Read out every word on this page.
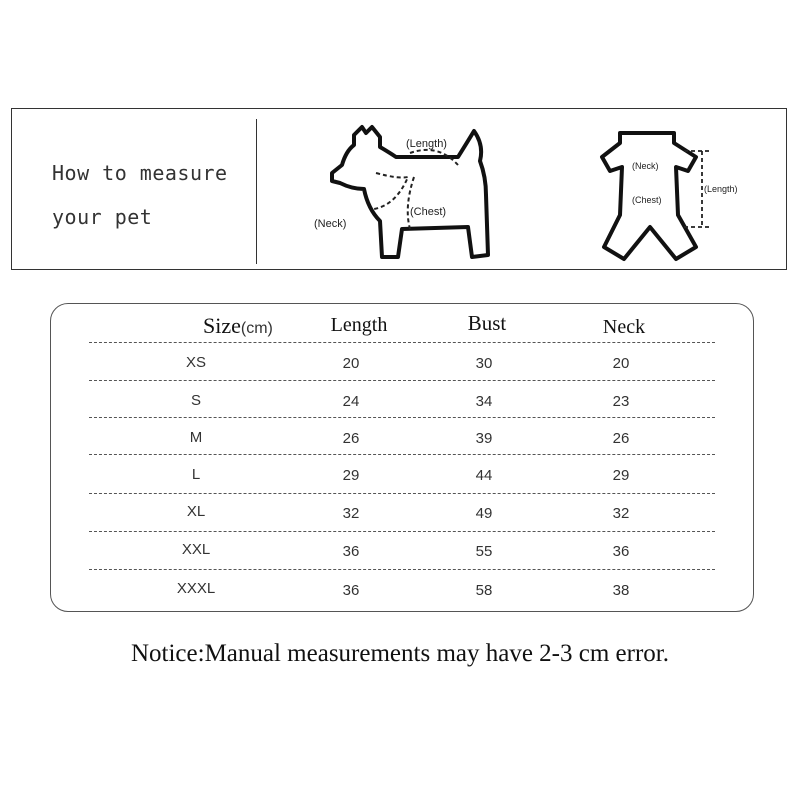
How to measure
your pet
(Length)
(Neck)
(Chest)
(Neck)
(Chest)
(Length)
Size(cm)	Length	Bust	Neck
XS	20	30	20
S	24	34	23
M	26	39	26
L	29	44	29
XL	32	49	32
XXL	36	55	36
XXXL	36	58	38
Notice:Manual measurements may have 2-3 cm error.
